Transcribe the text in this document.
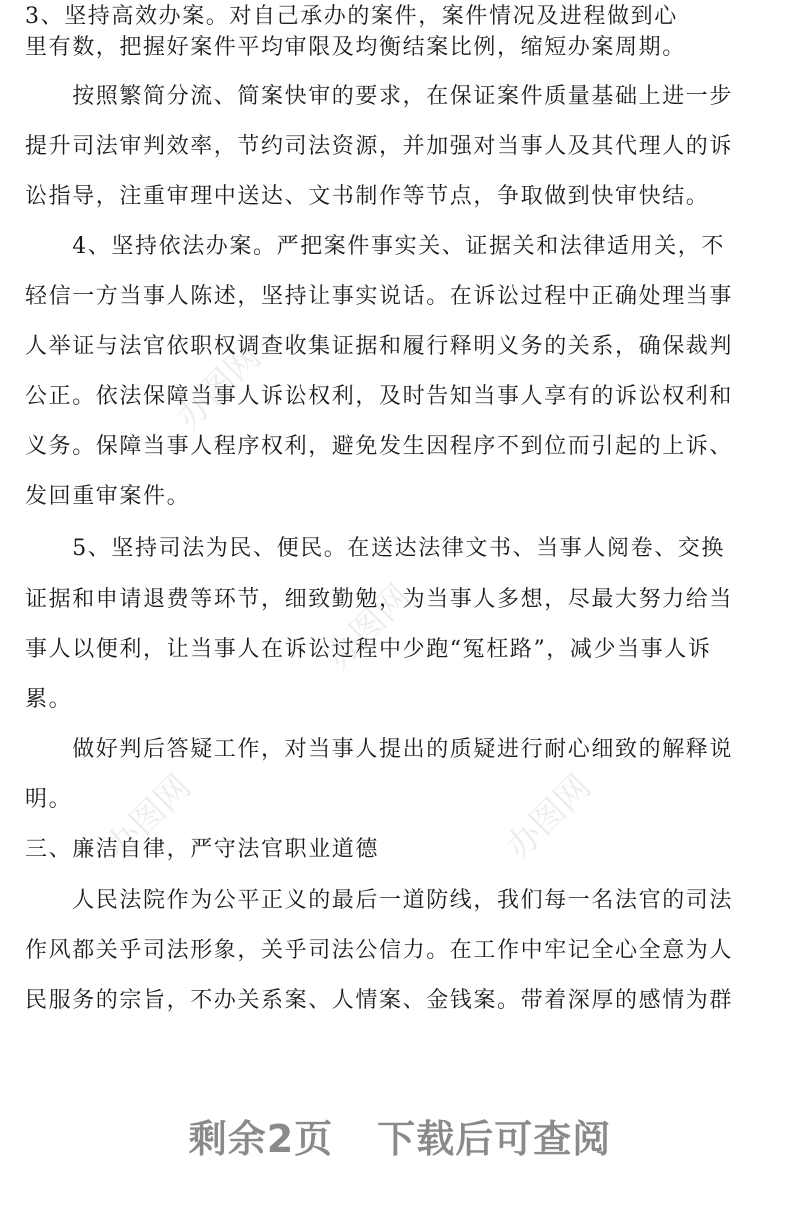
办图网
办图网
办图网	办图网
3、坚持高效办案。对自己承办的案件，案件情况及进程做到心
里有数，把握好案件平均审限及均衡结案比例，缩短办案周期。
　　按照繁简分流、简案快审的要求，在保证案件质量基础上进一步
提升司法审判效率，节约司法资源，并加强对当事人及其代理人的诉
讼指导，注重审理中送达、文书制作等节点，争取做到快审快结。
　　4、坚持依法办案。严把案件事实关、证据关和法律适用关，不
轻信一方当事人陈述，坚持让事实说话。在诉讼过程中正确处理当事
人举证与法官依职权调查收集证据和履行释明义务的关系，确保裁判
公正。依法保障当事人诉讼权利，及时告知当事人享有的诉讼权利和
义务。保障当事人程序权利，避免发生因程序不到位而引起的上诉、
发回重审案件。
　　5、坚持司法为民、便民。在送达法律文书、当事人阅卷、交换
证据和申请退费等环节，细致勤勉，为当事人多想，尽最大努力给当
事人以便利，让当事人在诉讼过程中少跑“冤枉路”，减少当事人诉
累。
　　做好判后答疑工作，对当事人提出的质疑进行耐心细致的解释说
明。
三、廉洁自律，严守法官职业道德
　　人民法院作为公平正义的最后一道防线，我们每一名法官的司法
作风都关乎司法形象，关乎司法公信力。在工作中牢记全心全意为人
民服务的宗旨，不办关系案、人情案、金钱案。带着深厚的感情为群
剩余2页 下载后可查阅
